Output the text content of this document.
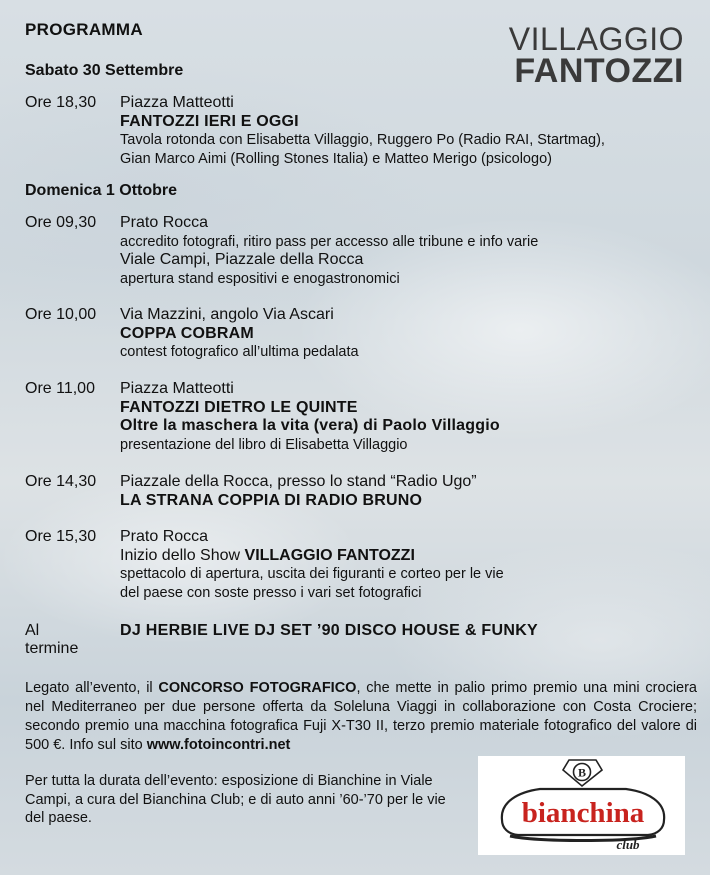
PROGRAMMA	VILLAGGIO
FANTOZZI
Sabato 30 Settembre
Ore 18,30 Piazza Matteotti
FANTOZZI IERI E OGGI
Tavola rotonda con Elisabetta Villaggio, Ruggero Po (Radio RAI, Startmag),
Gian Marco Aimi (Rolling Stones Italia) e Matteo Merigo (psicologo)
Domenica 1 Ottobre
Ore 09,30 Prato Rocca
accredito fotografi, ritiro pass per accesso alle tribune e info varie
Viale Campi, Piazzale della Rocca
apertura stand espositivi e enogastronomici
Ore 10,00 Via Mazzini, angolo Via Ascari
COPPA COBRAM
contest fotografico all’ultima pedalata
Ore 11,00 Piazza Matteotti
FANTOZZI DIETRO LE QUINTE
Oltre la maschera la vita (vera) di Paolo Villaggio
presentazione del libro di Elisabetta Villaggio
Ore 14,30 Piazzale della Rocca, presso lo stand “Radio Ugo”
LA STRANA COPPIA DI RADIO BRUNO
Ore 15,30 Prato Rocca
Inizio dello Show VILLAGGIO FANTOZZI
spettacolo di apertura, uscita dei figuranti e corteo per le vie
del paese con soste presso i vari set fotografici
Al termine
DJ HERBIE LIVE DJ SET ’90 DISCO HOUSE & FUNKY
Legato all’evento, il CONCORSO FOTOGRAFICO, che mette in palio primo premio una mini crociera nel Mediterraneo per due persone offerta da Soleluna Viaggi in collaborazione con Costa Crociere; secondo premio una macchina fotografica Fuji X-T30 II, terzo premio materiale fotografico del valore di 500 €. Info sul sito www.fotoincontri.net
Per tutta la durata dell’evento: esposizione di Bianchine in Viale Campi, a cura del Bianchina Club; e di auto anni ’60-’70 per le vie del paese.
B
bianchina
club
